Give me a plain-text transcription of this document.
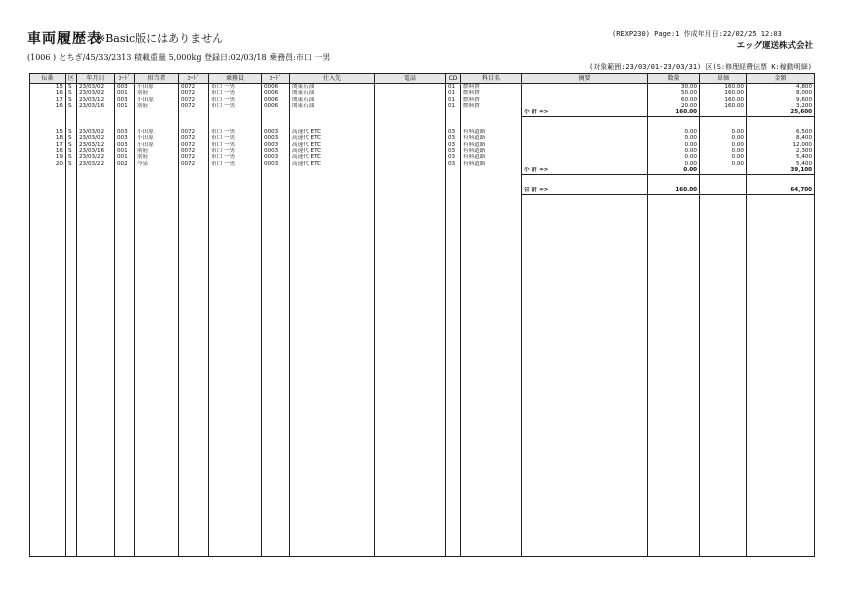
車両履歴表
※Basic版にはありません	(REXP230) Page:1 作成年月日:22/02/25 12:03
エッグ運送株式会社
(1006 ) とちぎ/45/33/2313 積載重量 5,000kg 登録日:02/03/18 乗務員:市口 一男
(対象範囲:23/03/01-23/03/31) 区(S:修理経費伝票 K:稼動明細)
伝番	区	年月日	ｺｰﾄﾞ	担当者	ｺｰﾄﾞ	乗務員	ｺｰﾄﾞ	仕入先	電話	CD	科目名	摘要	数量	単価	金額
15	S	23/03/02	003	小田原	0072	市口 一男	0006	関東石油		01	燃料費		30.00	160.00	4,800
16	S	23/03/02	001	別府	0072	市口 一男	0006	関東石油		01	燃料費		50.00	160.00	8,000
17	S	23/03/12	003	小田原	0072	市口 一男	0006	関東石油		01	燃料費		60.00	160.00	9,600
16	S	23/03/16	001	別府	0072	市口 一男	0006	関東石油		01	燃料費		20.00	160.00	3,200
												小 計 =>	160.00		25,600

15	S	23/03/02	003	小田原	0072	市口 一男	0003	高速代 ETC		03	有料道路		0.00	0.00	6,500
18	S	23/03/02	003	小田原	0072	市口 一男	0003	高速代 ETC		03	有料道路		0.00	0.00	8,400
17	S	23/03/12	003	小田原	0072	市口 一男	0003	高速代 ETC		03	有料道路		0.00	0.00	12,000
16	S	23/03/16	001	別府	0072	市口 一男	0003	高速代 ETC		03	有料道路		0.00	0.00	2,300
19	S	23/03/22	001	別府	0072	市口 一男	0003	高速代 ETC		03	有料道路		0.00	0.00	5,400
20	S	23/03/22	002	今泉	0072	市口 一男	0003	高速代 ETC		03	有料道路		0.00	0.00	5,400
												小 計 =>	0.00		39,100

												合 計 =>	160.00		64,700
